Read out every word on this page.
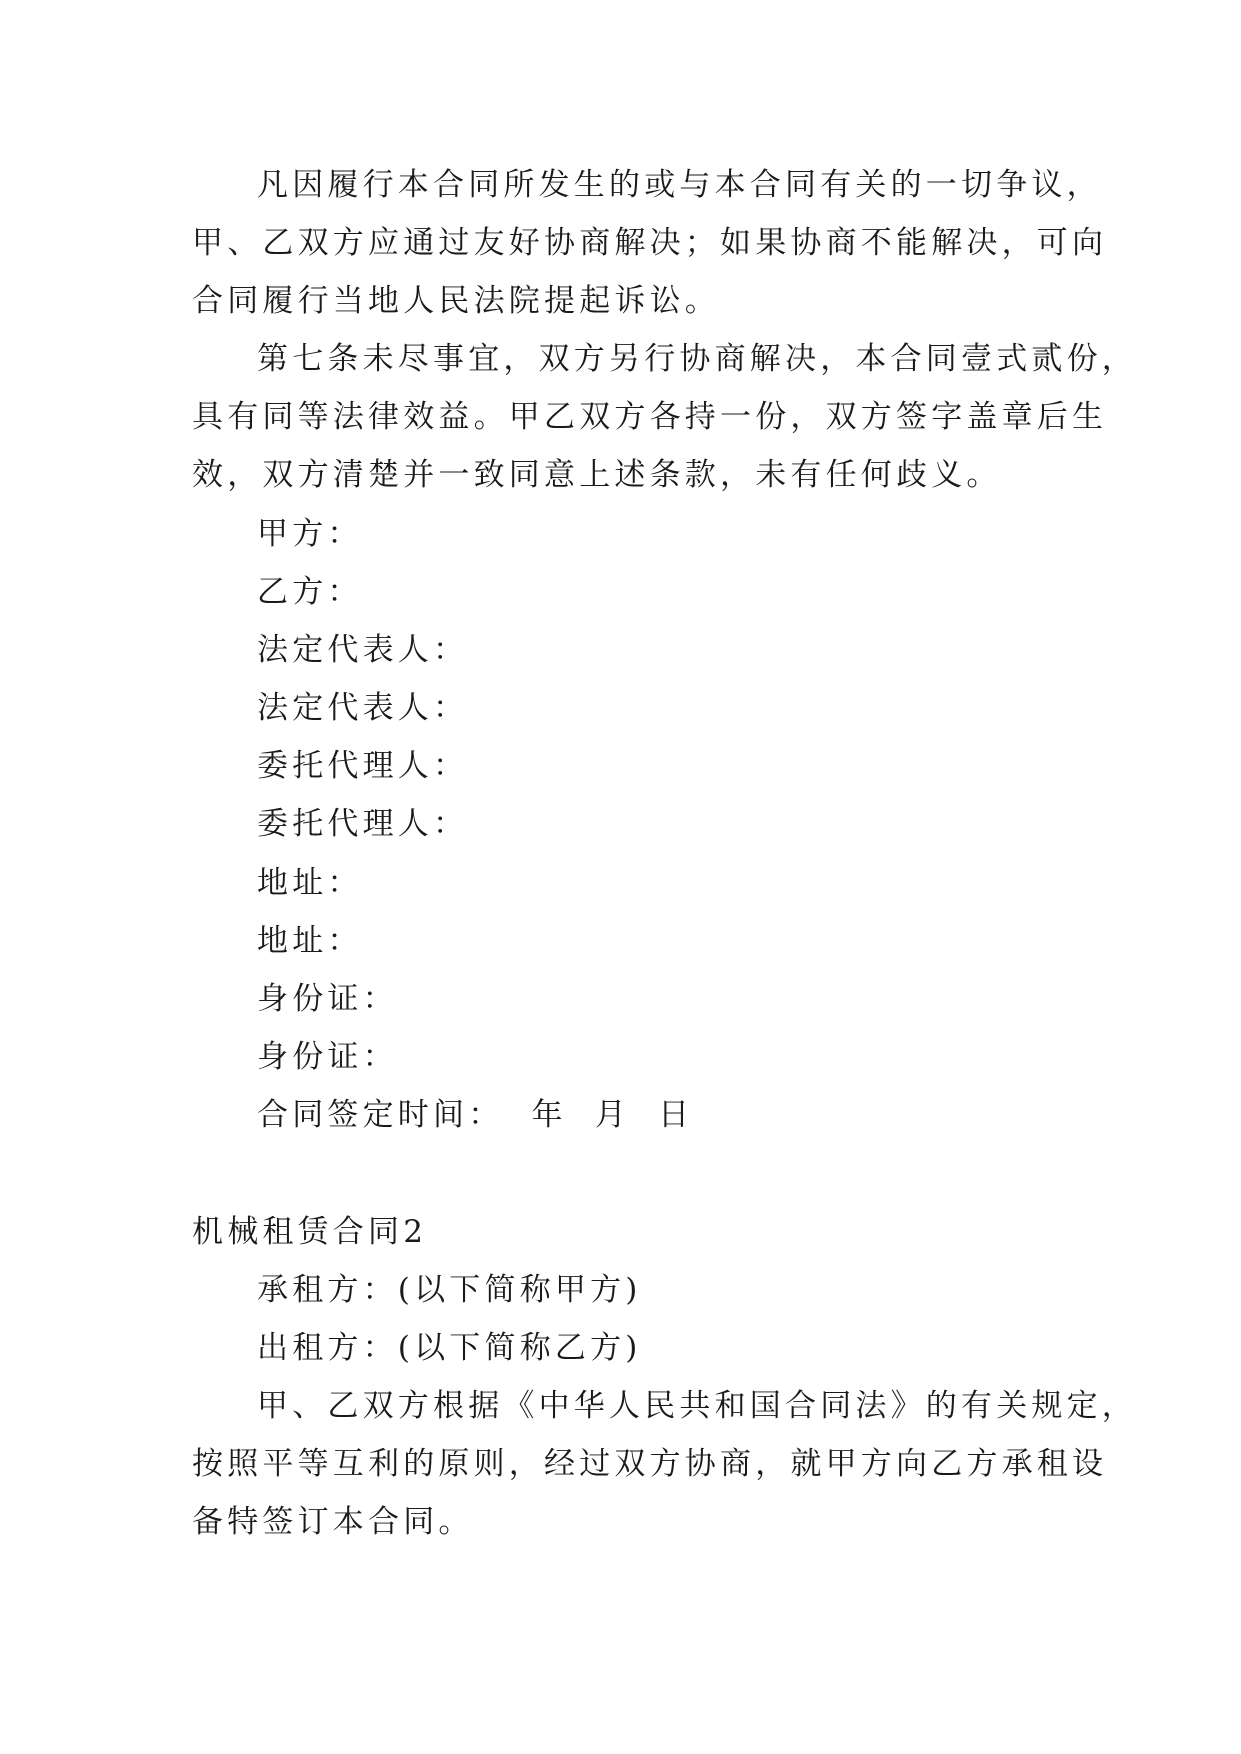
凡因履行本合同所发生的或与本合同有关的一切争议，
甲、乙双方应通过友好协商解决；如果协商不能解决，可向
合同履行当地人民法院提起诉讼。
第七条未尽事宜，双方另行协商解决，本合同壹式贰份，
具有同等法律效益。甲乙双方各持一份，双方签字盖章后生
效，双方清楚并一致同意上述条款，未有任何歧义。
甲方：
乙方：
法定代表人：
法定代表人：
委托代理人：
委托代理人：
地址：
地址：
身份证：
身份证：
合同签定时间：  年  月  日
机械租赁合同2
承租方：(以下简称甲方)
出租方：(以下简称乙方)
甲、乙双方根据《中华人民共和国合同法》的有关规定，
按照平等互利的原则，经过双方协商，就甲方向乙方承租设
备特签订本合同。
